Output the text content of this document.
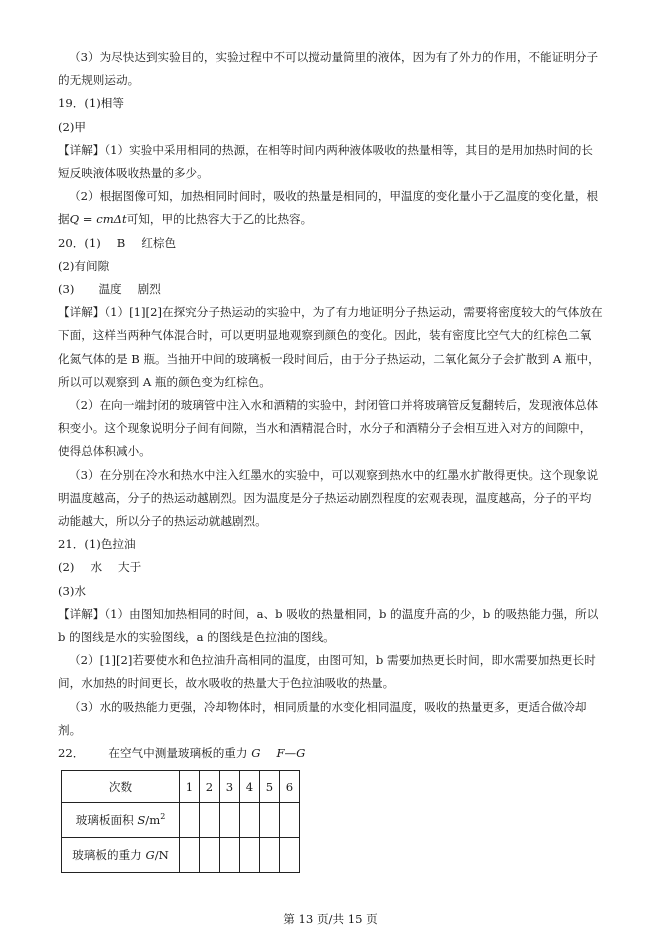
（3）为尽快达到实验目的，实验过程中不可以搅动量筒里的液体，因为有了外力的作用，不能证明分子

的无规则运动。

19．(1)相等

(2)甲

【详解】（1）实验中采用相同的热源，在相等时间内两种液体吸收的热量相等，其目的是用加热时间的长

短反映液体吸收热量的多少。

（2）根据图像可知，加热相同时间时，吸收的热量是相同的，甲温度的变化量小于乙温度的变化量，根

据Q = cmΔt可知，甲的比热容大于乙的比热容。

20．(1) B 红棕色

(2)有间隙

(3) 温度 剧烈

【详解】（1）[1][2]在探究分子热运动的实验中，为了有力地证明分子热运动，需要将密度较大的气体放在

下面，这样当两种气体混合时，可以更明显地观察到颜色的变化。因此，装有密度比空气大的红棕色二氧

化氮气体的是 B 瓶。当抽开中间的玻璃板一段时间后，由于分子热运动，二氧化氮分子会扩散到 A 瓶中，

所以可以观察到 A 瓶的颜色变为红棕色。

（2）在向一端封闭的玻璃管中注入水和酒精的实验中，封闭管口并将玻璃管反复翻转后，发现液体总体

积变小。这个现象说明分子间有间隙，当水和酒精混合时，水分子和酒精分子会相互进入对方的间隙中，

使得总体积减小。

（3）在分别在冷水和热水中注入红墨水的实验中，可以观察到热水中的红墨水扩散得更快。这个现象说

明温度越高，分子的热运动越剧烈。因为温度是分子热运动剧烈程度的宏观表现，温度越高，分子的平均

动能越大，所以分子的热运动就越剧烈。

21．(1)色拉油

(2) 水 大于

(3)水

【详解】（1）由图知加热相同的时间，a、b 吸收的热量相同，b 的温度升高的少，b 的吸热能力强，所以

b 的图线是水的实验图线，a 的图线是色拉油的图线。

（2）[1][2]若要使水和色拉油升高相同的温度，由图可知，b 需要加热更长时间，即水需要加热更长时

间，水加热的时间更长，故水吸收的热量大于色拉油吸收的热量。

（3）水的吸热能力更强，冷却物体时，相同质量的水变化相同温度，吸收的热量更多，更适合做冷却

剂。

22． 在空气中测量玻璃板的重力 G F—G

次数	1	2	3	4	5	6
玻璃板面积 $S/m^2$						
玻璃板的重力 G/N						
第 13 页/共 15 页
